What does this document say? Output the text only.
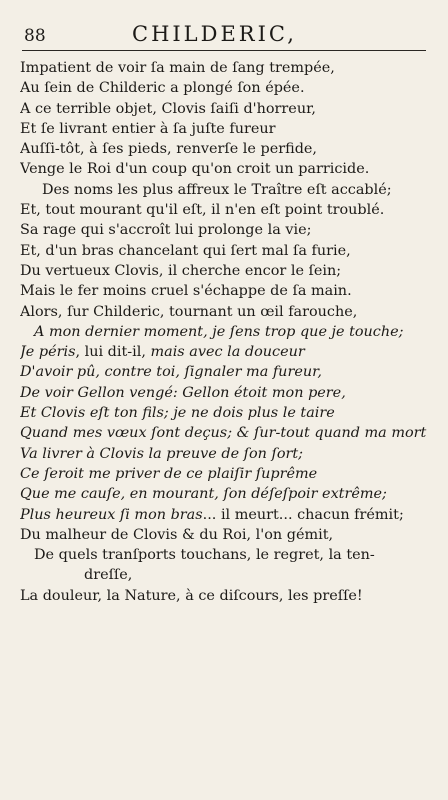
88	CHILDERIC,
Impatient de voir ſa main de ſang trempée,
Au ſein de Childeric a plongé ſon épée.
A ce terrible objet, Clovis ſaiſi d'horreur,
Et ſe livrant entier à ſa juſte fureur
Auſſi-tôt, à ſes pieds, renverſe le perfide,
Venge le Roi d'un coup qu'on croit un parricide.
Des noms les plus affreux le Traître eſt accablé;
Et, tout mourant qu'il eſt, il n'en eſt point troublé.
Sa rage qui s'accroît lui prolonge la vie;
Et, d'un bras chancelant qui ſert mal ſa furie,
Du vertueux Clovis, il cherche encor le ſein;
Mais le fer moins cruel s'échappe de ſa main.
Alors, ſur Childeric, tournant un œil farouche,
A mon dernier moment, je ſens trop que je touche;
Je péris, lui dit-il, mais avec la douceur
D'avoir pû, contre toi, ſignaler ma fureur,
De voir Gellon vengé: Gellon étoit mon pere,
Et Clovis eſt ton fils; je ne dois plus le taire
Quand mes vœux ſont deçus; & ſur-tout quand ma mort
Va livrer à Clovis la preuve de ſon ſort;
Ce ſeroit me priver de ce plaiſir ſuprême
Que me cauſe, en mourant, ſon déſeſpoir extrême;
Plus heureux ſi mon bras... il meurt... chacun frémit;
Du malheur de Clovis & du Roi, l'on gémit,
De quels tranſports touchans, le regret, la ten-
dreſſe,
La douleur, la Nature, à ce diſcours, les preſſe!
